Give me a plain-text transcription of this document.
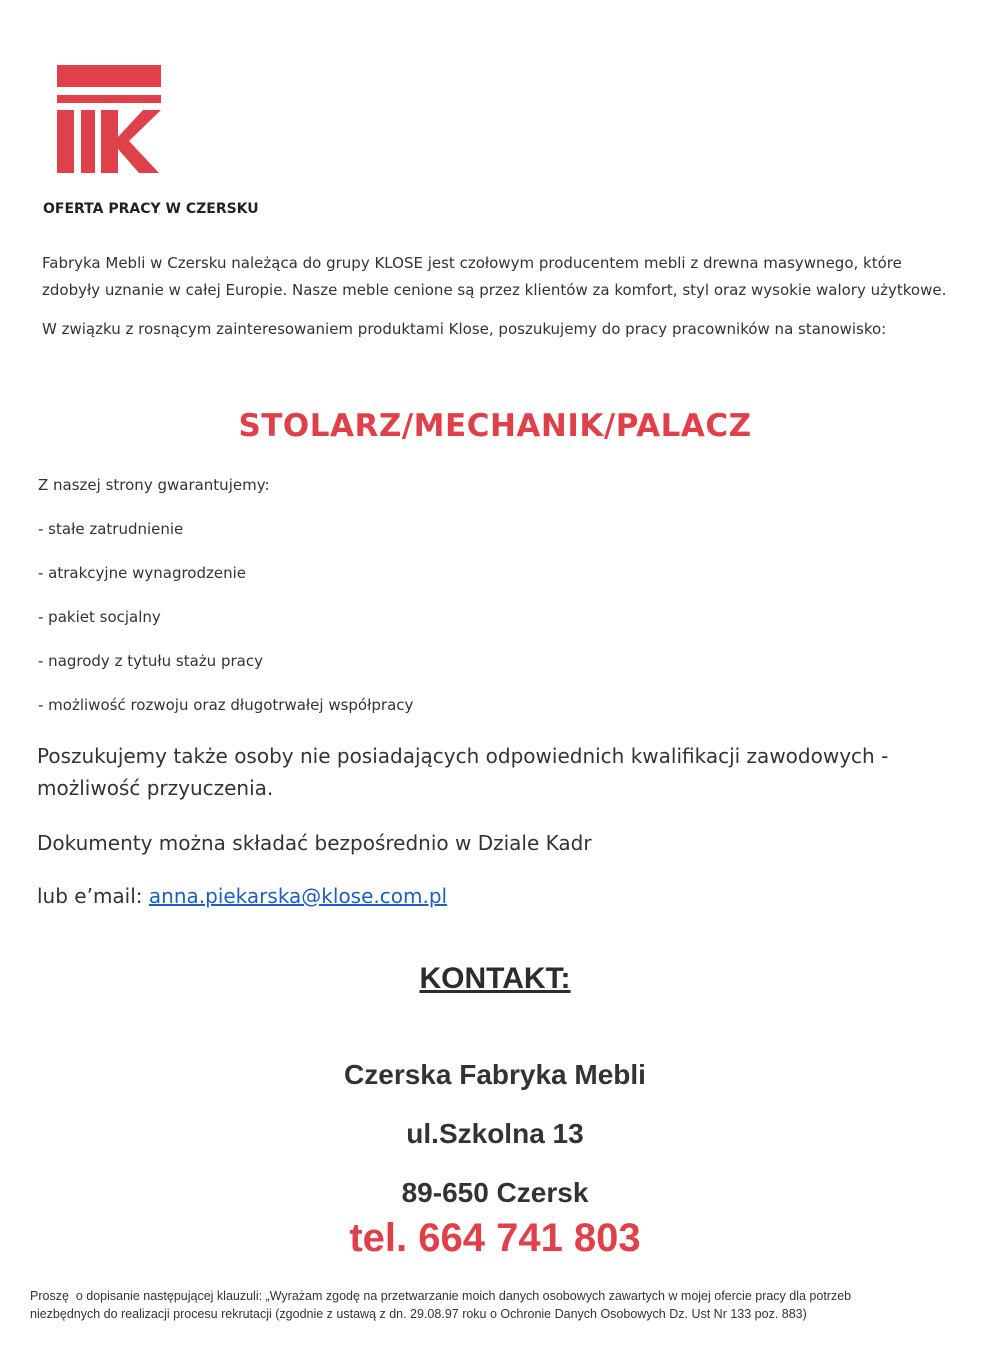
OFERTA PRACY W CZERSKU
Fabryka Mebli w Czersku należąca do grupy KLOSE jest czołowym producentem mebli z drewna masywnego, które
zdobyły uznanie w całej Europie. Nasze meble cenione są przez klientów za komfort, styl oraz wysokie walory użytkowe.
W związku z rosnącym zainteresowaniem produktami Klose, poszukujemy do pracy pracowników na stanowisko:
STOLARZ/MECHANIK/PALACZ
Z naszej strony gwarantujemy:
- stałe zatrudnienie
- atrakcyjne wynagrodzenie
- pakiet socjalny
- nagrody z tytułu stażu pracy
- możliwość rozwoju oraz długotrwałej współpracy
Poszukujemy także osoby nie posiadających odpowiednich kwalifikacji zawodowych -
możliwość przyuczenia.
Dokumenty można składać bezpośrednio w Dziale Kadr
lub e’mail: anna.piekarska@klose.com.pl
KONTAKT:
Czerska Fabryka Mebli
ul.Szkolna 13
89-650 Czersk
tel. 664 741 803
Proszę  o dopisanie następującej klauzuli: „Wyrażam zgodę na przetwarzanie moich danych osobowych zawartych w mojej ofercie pracy dla potrzeb
niezbędnych do realizacji procesu rekrutacji (zgodnie z ustawą z dn. 29.08.97 roku o Ochronie Danych Osobowych Dz. Ust Nr 133 poz. 883)
